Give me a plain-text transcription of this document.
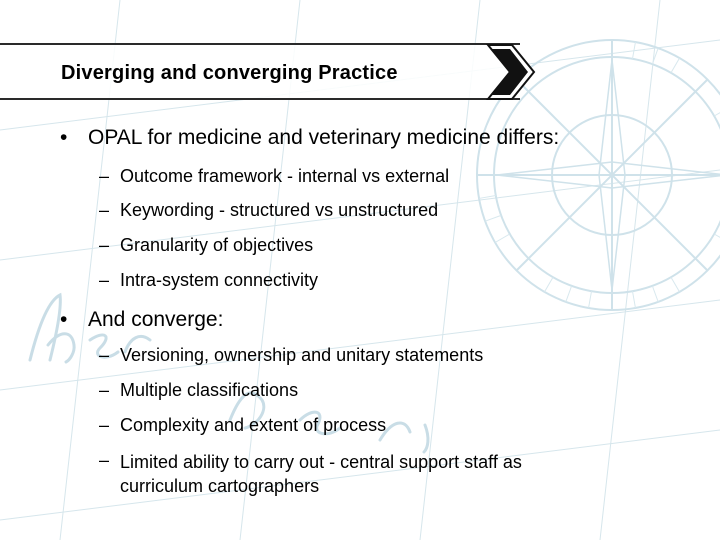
Diverging and converging Practice
• OPAL for medicine and veterinary medicine differs:
– Outcome framework - internal vs external
– Keywording - structured vs unstructured
– Granularity of objectives
– Intra-system connectivity
• And converge:
– Versioning, ownership and unitary statements
– Multiple classifications
– Complexity and extent of process
– Limited ability to carry out - central support staff as curriculum cartographers
